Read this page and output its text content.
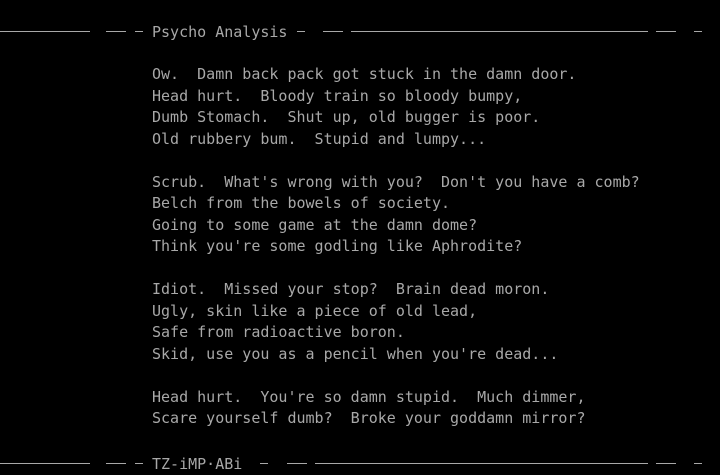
Psycho Analysis
Ow.  Damn back pack got stuck in the damn door.
Head hurt.  Bloody train so bloody bumpy,
Dumb Stomach.  Shut up, old bugger is poor.
Old rubbery bum.  Stupid and lumpy...
Scrub.  What's wrong with you?  Don't you have a comb?
Belch from the bowels of society.
Going to some game at the damn dome?
Think you're some godling like Aphrodite?
Idiot.  Missed your stop?  Brain dead moron.
Ugly, skin like a piece of old lead,
Safe from radioactive boron.
Skid, use you as a pencil when you're dead...
Head hurt.  You're so damn stupid.  Much dimmer,
Scare yourself dumb?  Broke your goddamn mirror?
TZ-iMP·ABi
